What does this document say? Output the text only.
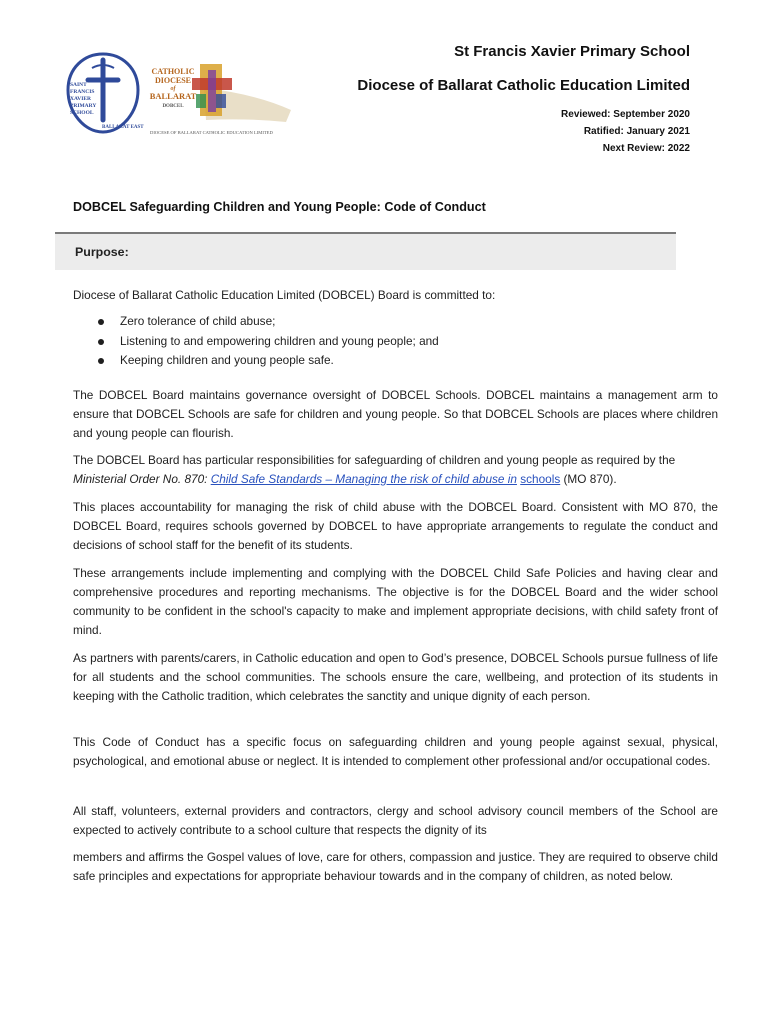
SAINT
FRANCIS
XAVIER
PRIMARY
SCHOOL
BALLARAT EAST
CATHOLIC
DIOCESE
of
BALLARAT
DOBCEL
DIOCESE OF BALLARAT CATHOLIC EDUCATION LIMITED
St Francis Xavier Primary School
Diocese of Ballarat Catholic Education Limited
Reviewed: September 2020
Ratified: January 2021
Next Review: 2022
DOBCEL Safeguarding Children and Young People: Code of Conduct
Purpose:
Diocese of Ballarat Catholic Education Limited (DOBCEL) Board is committed to:
Zero tolerance of child abuse;
Listening to and empowering children and young people; and
Keeping children and young people safe.
The DOBCEL Board maintains governance oversight of DOBCEL Schools. DOBCEL maintains a management arm to ensure that DOBCEL Schools are safe for children and young people. So that DOBCEL Schools are places where children and young people can flourish.
The DOBCEL Board has particular responsibilities for safeguarding of children and young people as required by the Ministerial Order No. 870: Child Safe Standards – Managing the risk of child abuse in schools (MO 870).
This places accountability for managing the risk of child abuse with the DOBCEL Board. Consistent with MO 870, the DOBCEL Board, requires schools governed by DOBCEL to have appropriate arrangements to regulate the conduct and decisions of school staff for the benefit of its students.
These arrangements include implementing and complying with the DOBCEL Child Safe Policies and having clear and comprehensive procedures and reporting mechanisms. The objective is for the DOBCEL Board and the wider school community to be confident in the school's capacity to make and implement appropriate decisions, with child safety front of mind.
As partners with parents/carers, in Catholic education and open to God’s presence, DOBCEL Schools pursue fullness of life for all students and the school communities. The schools ensure the care, wellbeing, and protection of its students in keeping with the Catholic tradition, which celebrates the sanctity and unique dignity of each person.
This Code of Conduct has a specific focus on safeguarding children and young people against sexual, physical, psychological, and emotional abuse or neglect. It is intended to complement other professional and/or occupational codes.
All staff, volunteers, external providers and contractors, clergy and school advisory council members of the School are expected to actively contribute to a school culture that respects the dignity of its
members and affirms the Gospel values of love, care for others, compassion and justice. They are required to observe child safe principles and expectations for appropriate behaviour towards and in the company of children, as noted below.
